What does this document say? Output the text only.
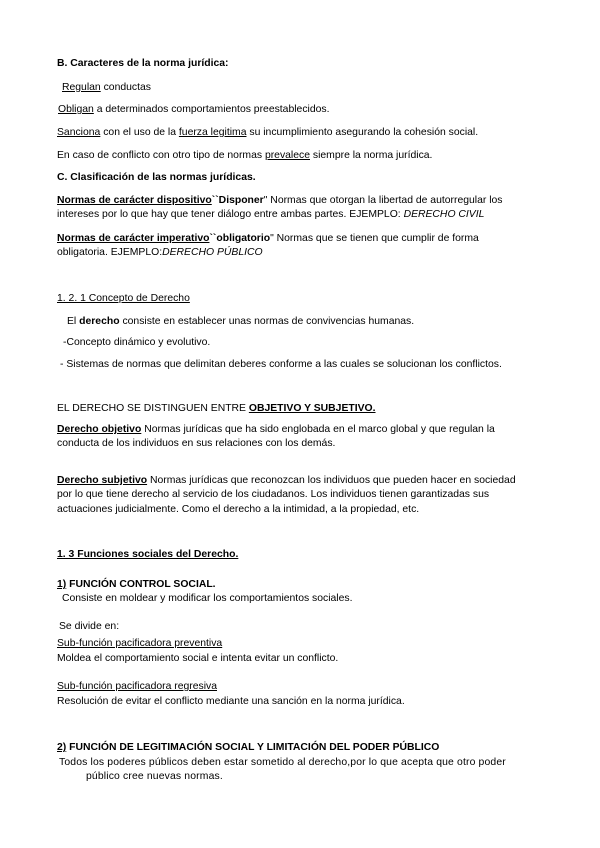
B. Caracteres de la norma jurídica:
Regulan conductas
Obligan a determinados comportamientos preestablecidos.
Sanciona con el uso de la fuerza legitima su incumplimiento asegurando la cohesión social.
En caso de conflicto con otro tipo de normas prevalece siempre la norma jurídica.
C. Clasificación de las normas jurídicas.
Normas de carácter dispositivo``Disponer" Normas que otorgan la libertad de autorregular los
intereses por lo que hay que tener diálogo entre ambas partes. EJEMPLO: DERECHO CIVIL
Normas de carácter imperativo``obligatorio" Normas que se tienen que cumplir de forma
obligatoria. EJEMPLO:DERECHO PÚBLICO
1. 2. 1 Concepto de Derecho
El derecho consiste en establecer unas normas de convivencias humanas.
-Concepto dinámico y evolutivo.
- Sistemas de normas que delimitan deberes conforme a las cuales se solucionan los conflictos.
EL DERECHO SE DISTINGUEN ENTRE OBJETIVO Y SUBJETIVO.
Derecho objetivo Normas jurídicas que ha sido englobada en el marco global y que regulan la
conducta de los individuos en sus relaciones con los demás.
Derecho subjetivo Normas jurídicas que reconozcan los individuos que pueden hacer en sociedad
por lo que tiene derecho al servicio de los ciudadanos. Los individuos tienen garantizadas sus
actuaciones judicialmente. Como el derecho a la intimidad, a la propiedad, etc.
1. 3 Funciones sociales del Derecho.
1) FUNCIÓN CONTROL SOCIAL.
Consiste en moldear y modificar los comportamientos sociales.
Se divide en:
Sub-función pacificadora preventiva
Moldea el comportamiento social e intenta evitar un conflicto.
Sub-función pacificadora regresiva
Resolución de evitar el conflicto mediante una sanción en la norma jurídica.
2) FUNCIÓN DE LEGITIMACIÓN SOCIAL Y LIMITACIÓN DEL PODER PÚBLICO
Todos los poderes públicos deben estar sometido al derecho,por lo que acepta que otro poder
público cree nuevas normas.
